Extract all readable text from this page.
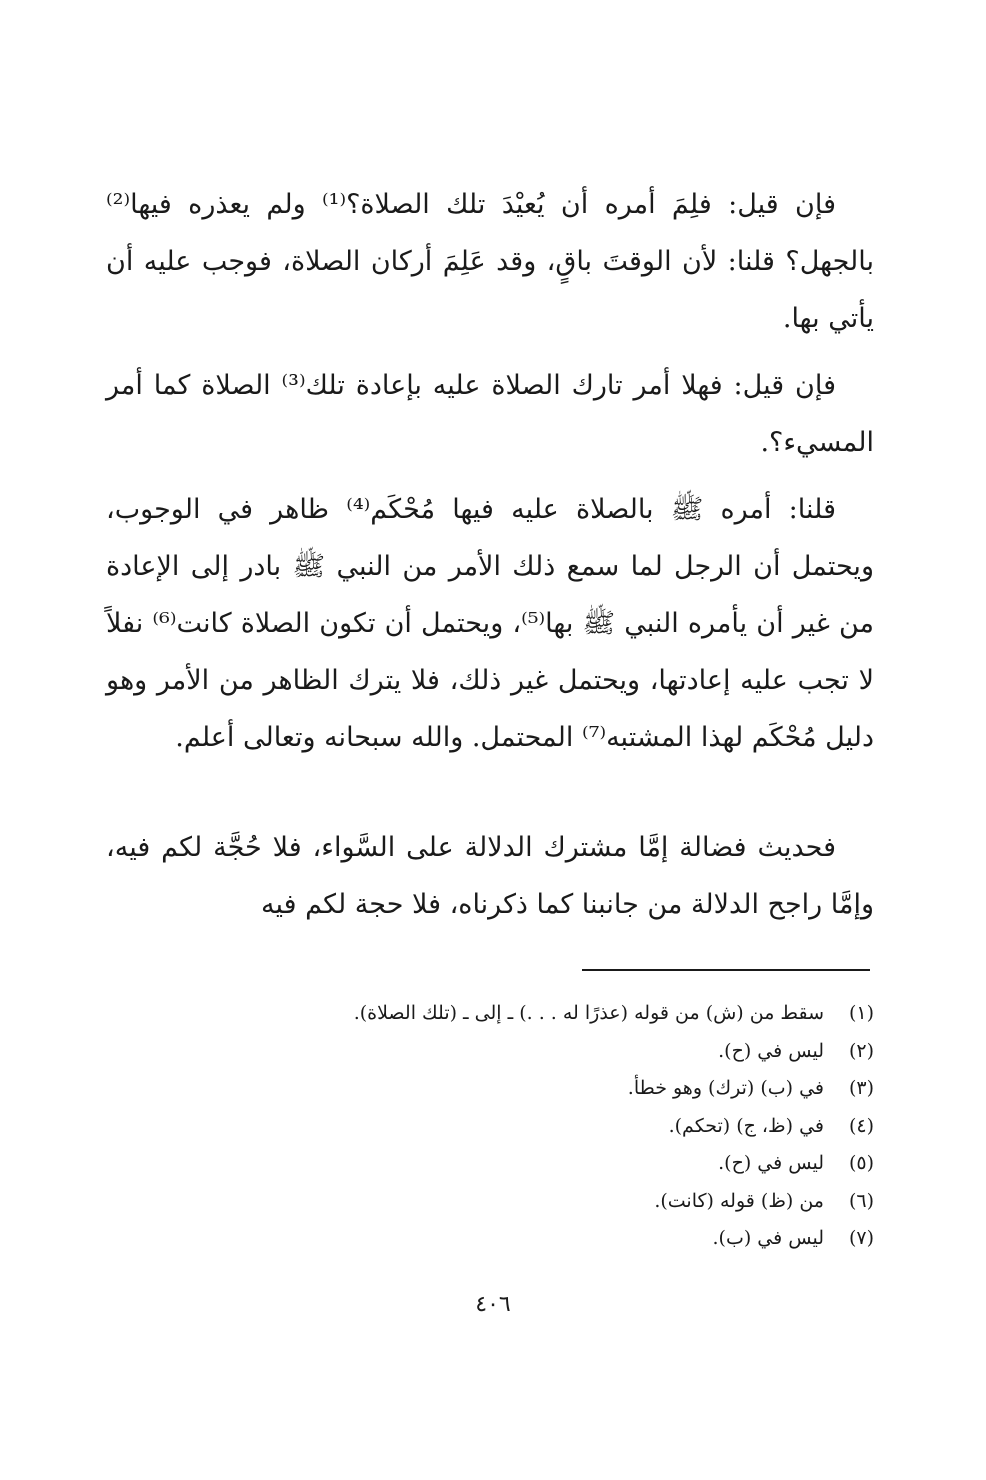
فإن قيل: فلِمَ أمره أن يُعيْدَ تلك الصلاة؟⁽¹⁾ ولم يعذره فيها⁽²⁾ بالجهل؟ قلنا: لأن الوقتَ باقٍ، وقد عَلِمَ أركان الصلاة، فوجب عليه أن يأتي بها.

فإن قيل: فهلا أمر تارك الصلاة عليه بإعادة تلك⁽³⁾ الصلاة كما أمر المسيء؟.

قلنا: أمره ﷺ بالصلاة عليه فيها مُحْكَم⁽⁴⁾ ظاهر في الوجوب، ويحتمل أن الرجل لما سمع ذلك الأمر من النبي ﷺ بادر إلى الإعادة من غير أن يأمره النبي ﷺ بها⁽⁵⁾، ويحتمل أن تكون الصلاة كانت⁽⁶⁾ نفلاً لا تجب عليه إعادتها، ويحتمل غير ذلك، فلا يترك الظاهر من الأمر وهو دليل مُحْكَم لهذا المشتبه⁽⁷⁾ المحتمل. والله سبحانه وتعالى أعلم.

فحديث فضالة إمَّا مشترك الدلالة على السَّواء، فلا حُجَّة لكم فيه، وإمَّا راجح الدلالة من جانبنا كما ذكرناه، فلا حجة لكم فيه

(١)
سقط من (ش) من قوله (عذرًا له . . .) ـ إلى ـ (تلك الصلاة).
(٢)
ليس في (ح).
(٣)
في (ب) (ترك) وهو خطأ.
(٤)
في (ظ، ج) (تحكم).
(٥)
ليس في (ح).
(٦)
من (ظ) قوله (كانت).
(٧)
ليس في (ب).
٤٠٦
